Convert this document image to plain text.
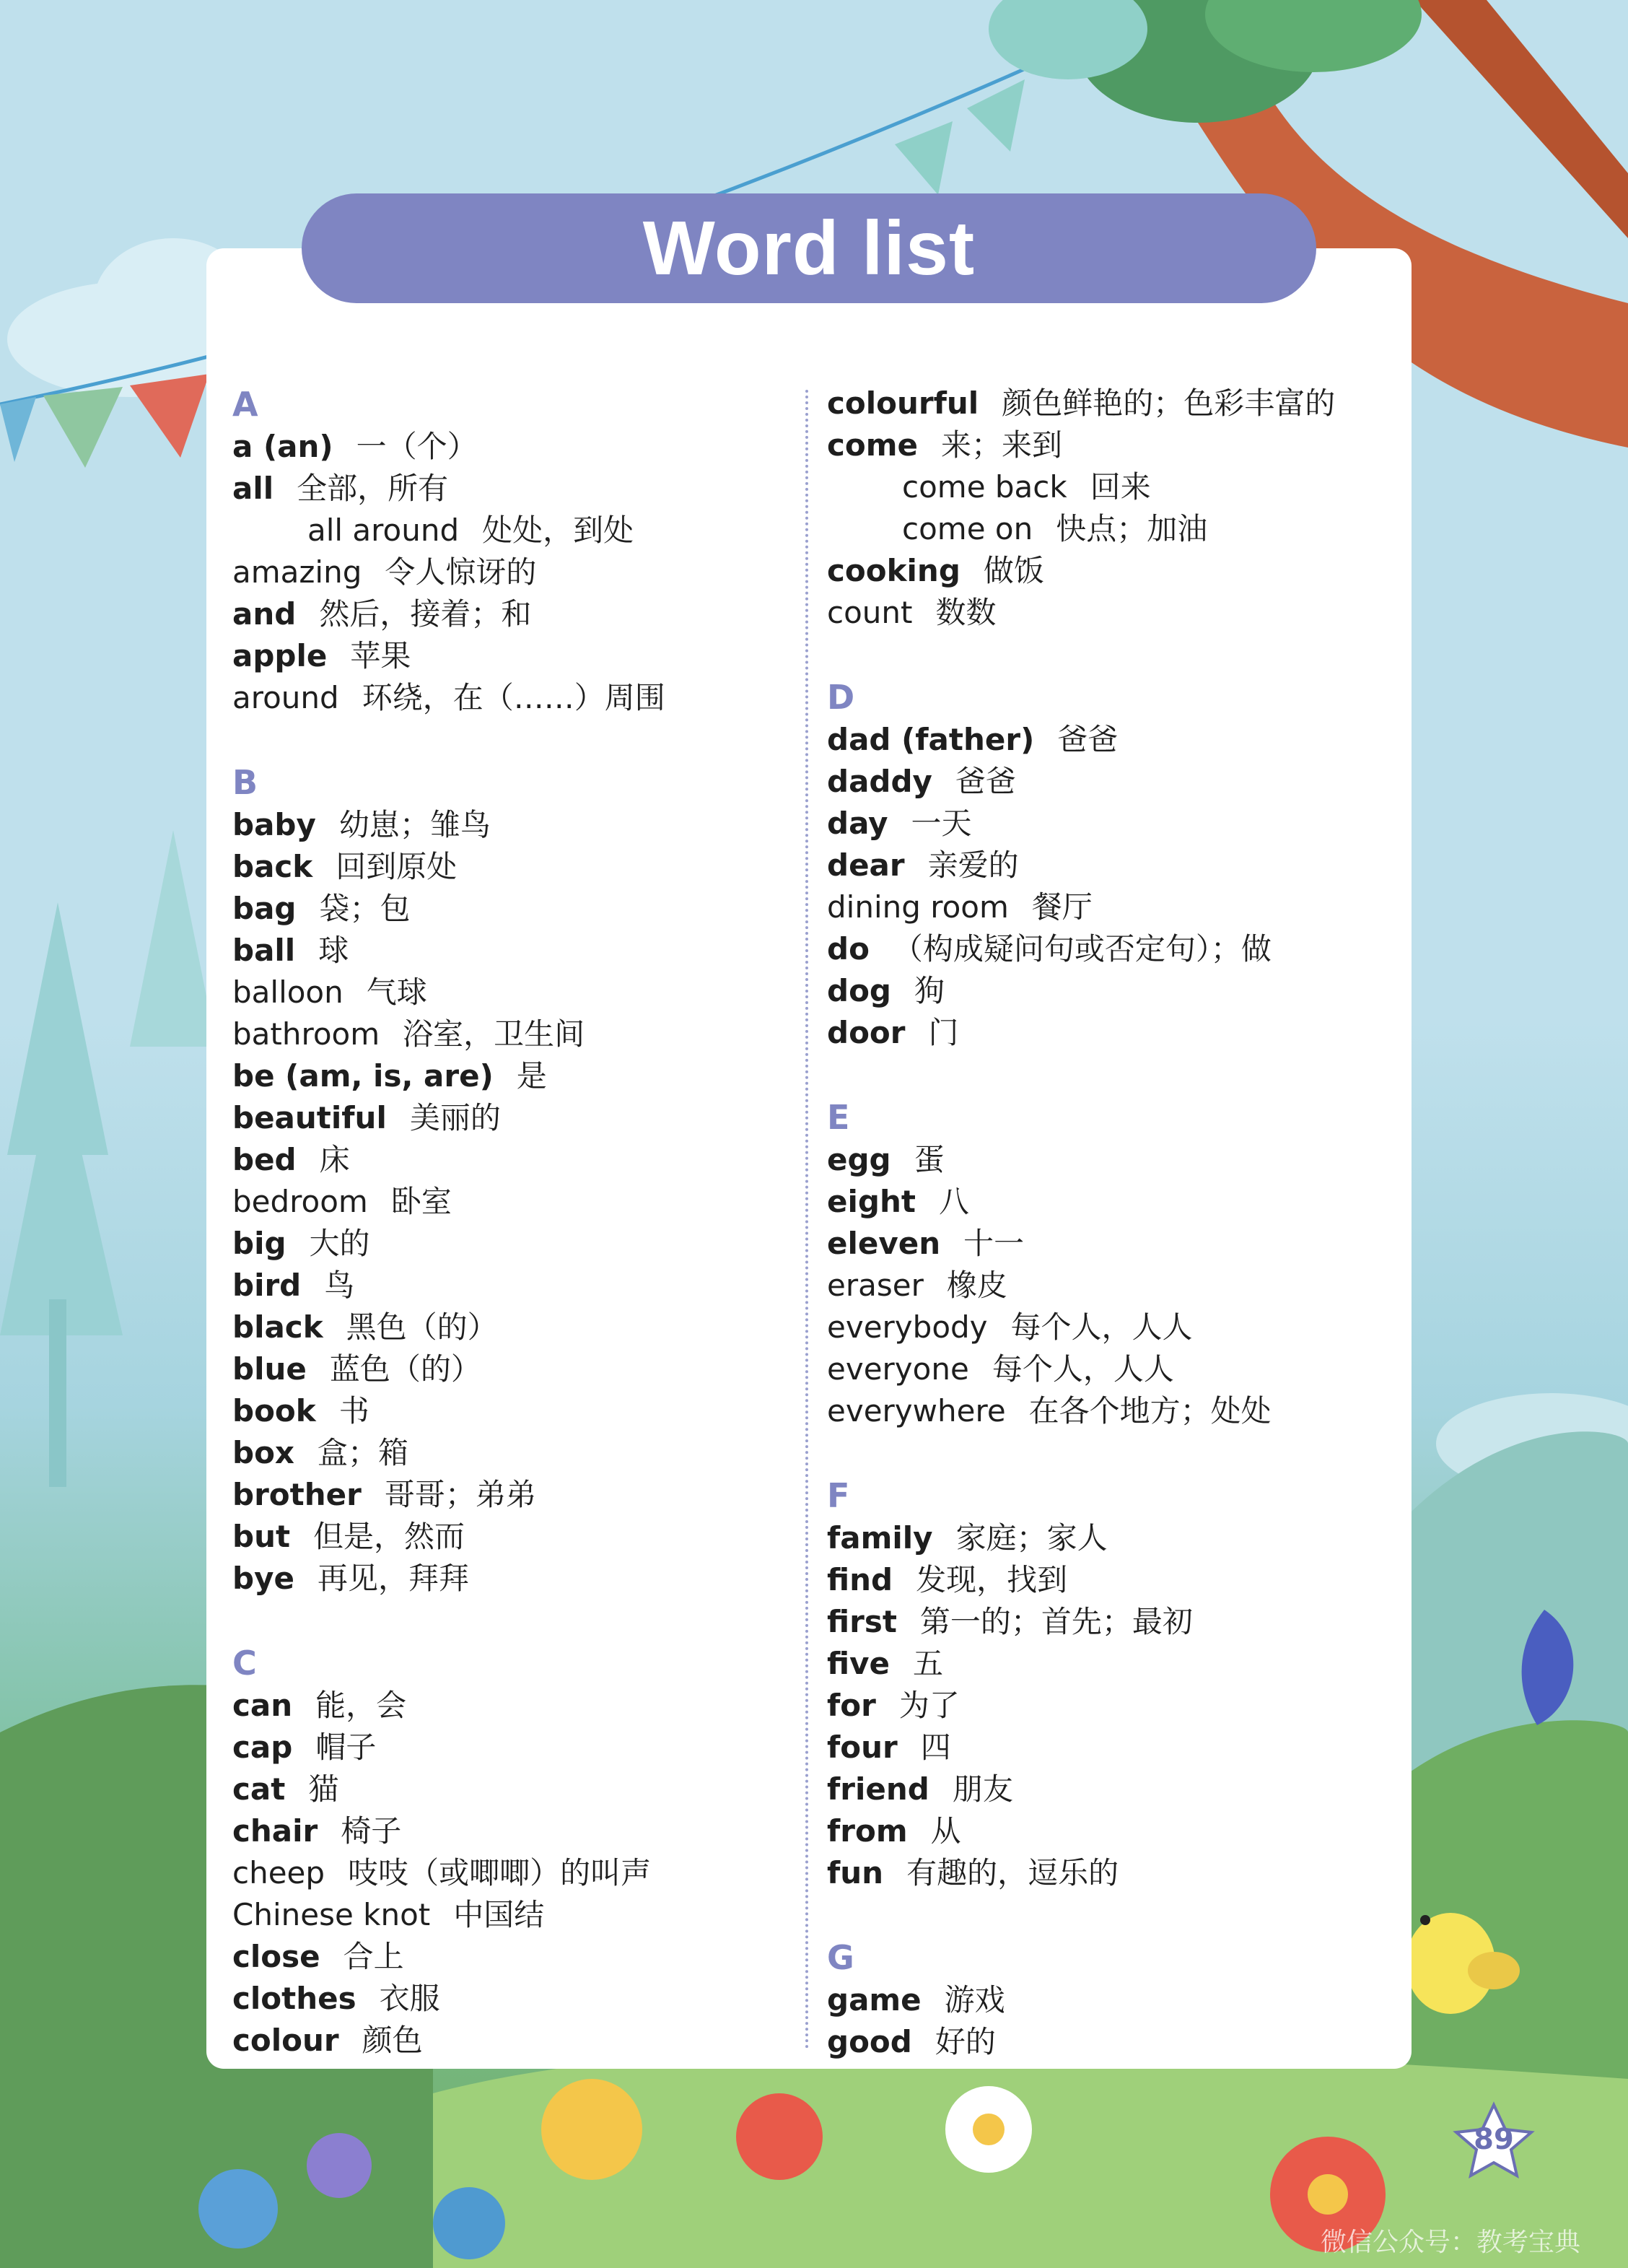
Word list
A
a (an) 一（个）
all 全部，所有
all around 处处，到处
amazing 令人惊讶的
and 然后，接着；和
apple 苹果
around 环绕，在（……）周围
B
baby 幼崽；雏鸟
back 回到原处
bag 袋；包
ball 球
balloon 气球
bathroom 浴室，卫生间
be (am, is, are) 是
beautiful 美丽的
bed 床
bedroom 卧室
big 大的
bird 鸟
black 黑色（的）
blue 蓝色（的）
book 书
box 盒；箱
brother 哥哥；弟弟
but 但是，然而
bye 再见，拜拜
C
can 能，会
cap 帽子
cat 猫
chair 椅子
cheep 吱吱（或唧唧）的叫声
Chinese knot 中国结
close 合上
clothes 衣服
colour 颜色
colourful 颜色鲜艳的；色彩丰富的
come 来；来到
come back 回来
come on 快点；加油
cooking 做饭
count 数数
D
dad (father) 爸爸
daddy 爸爸
day 一天
dear 亲爱的
dining room 餐厅
do （构成疑问句或否定句）；做
dog 狗
door 门
E
egg 蛋
eight 八
eleven 十一
eraser 橡皮
everybody 每个人，人人
everyone 每个人，人人
everywhere 在各个地方；处处
F
family 家庭；家人
find 发现，找到
first 第一的；首先；最初
five 五
for 为了
four 四
friend 朋友
from 从
fun 有趣的，逗乐的
G
game 游戏
good 好的
89
微信公众号：教考宝典
